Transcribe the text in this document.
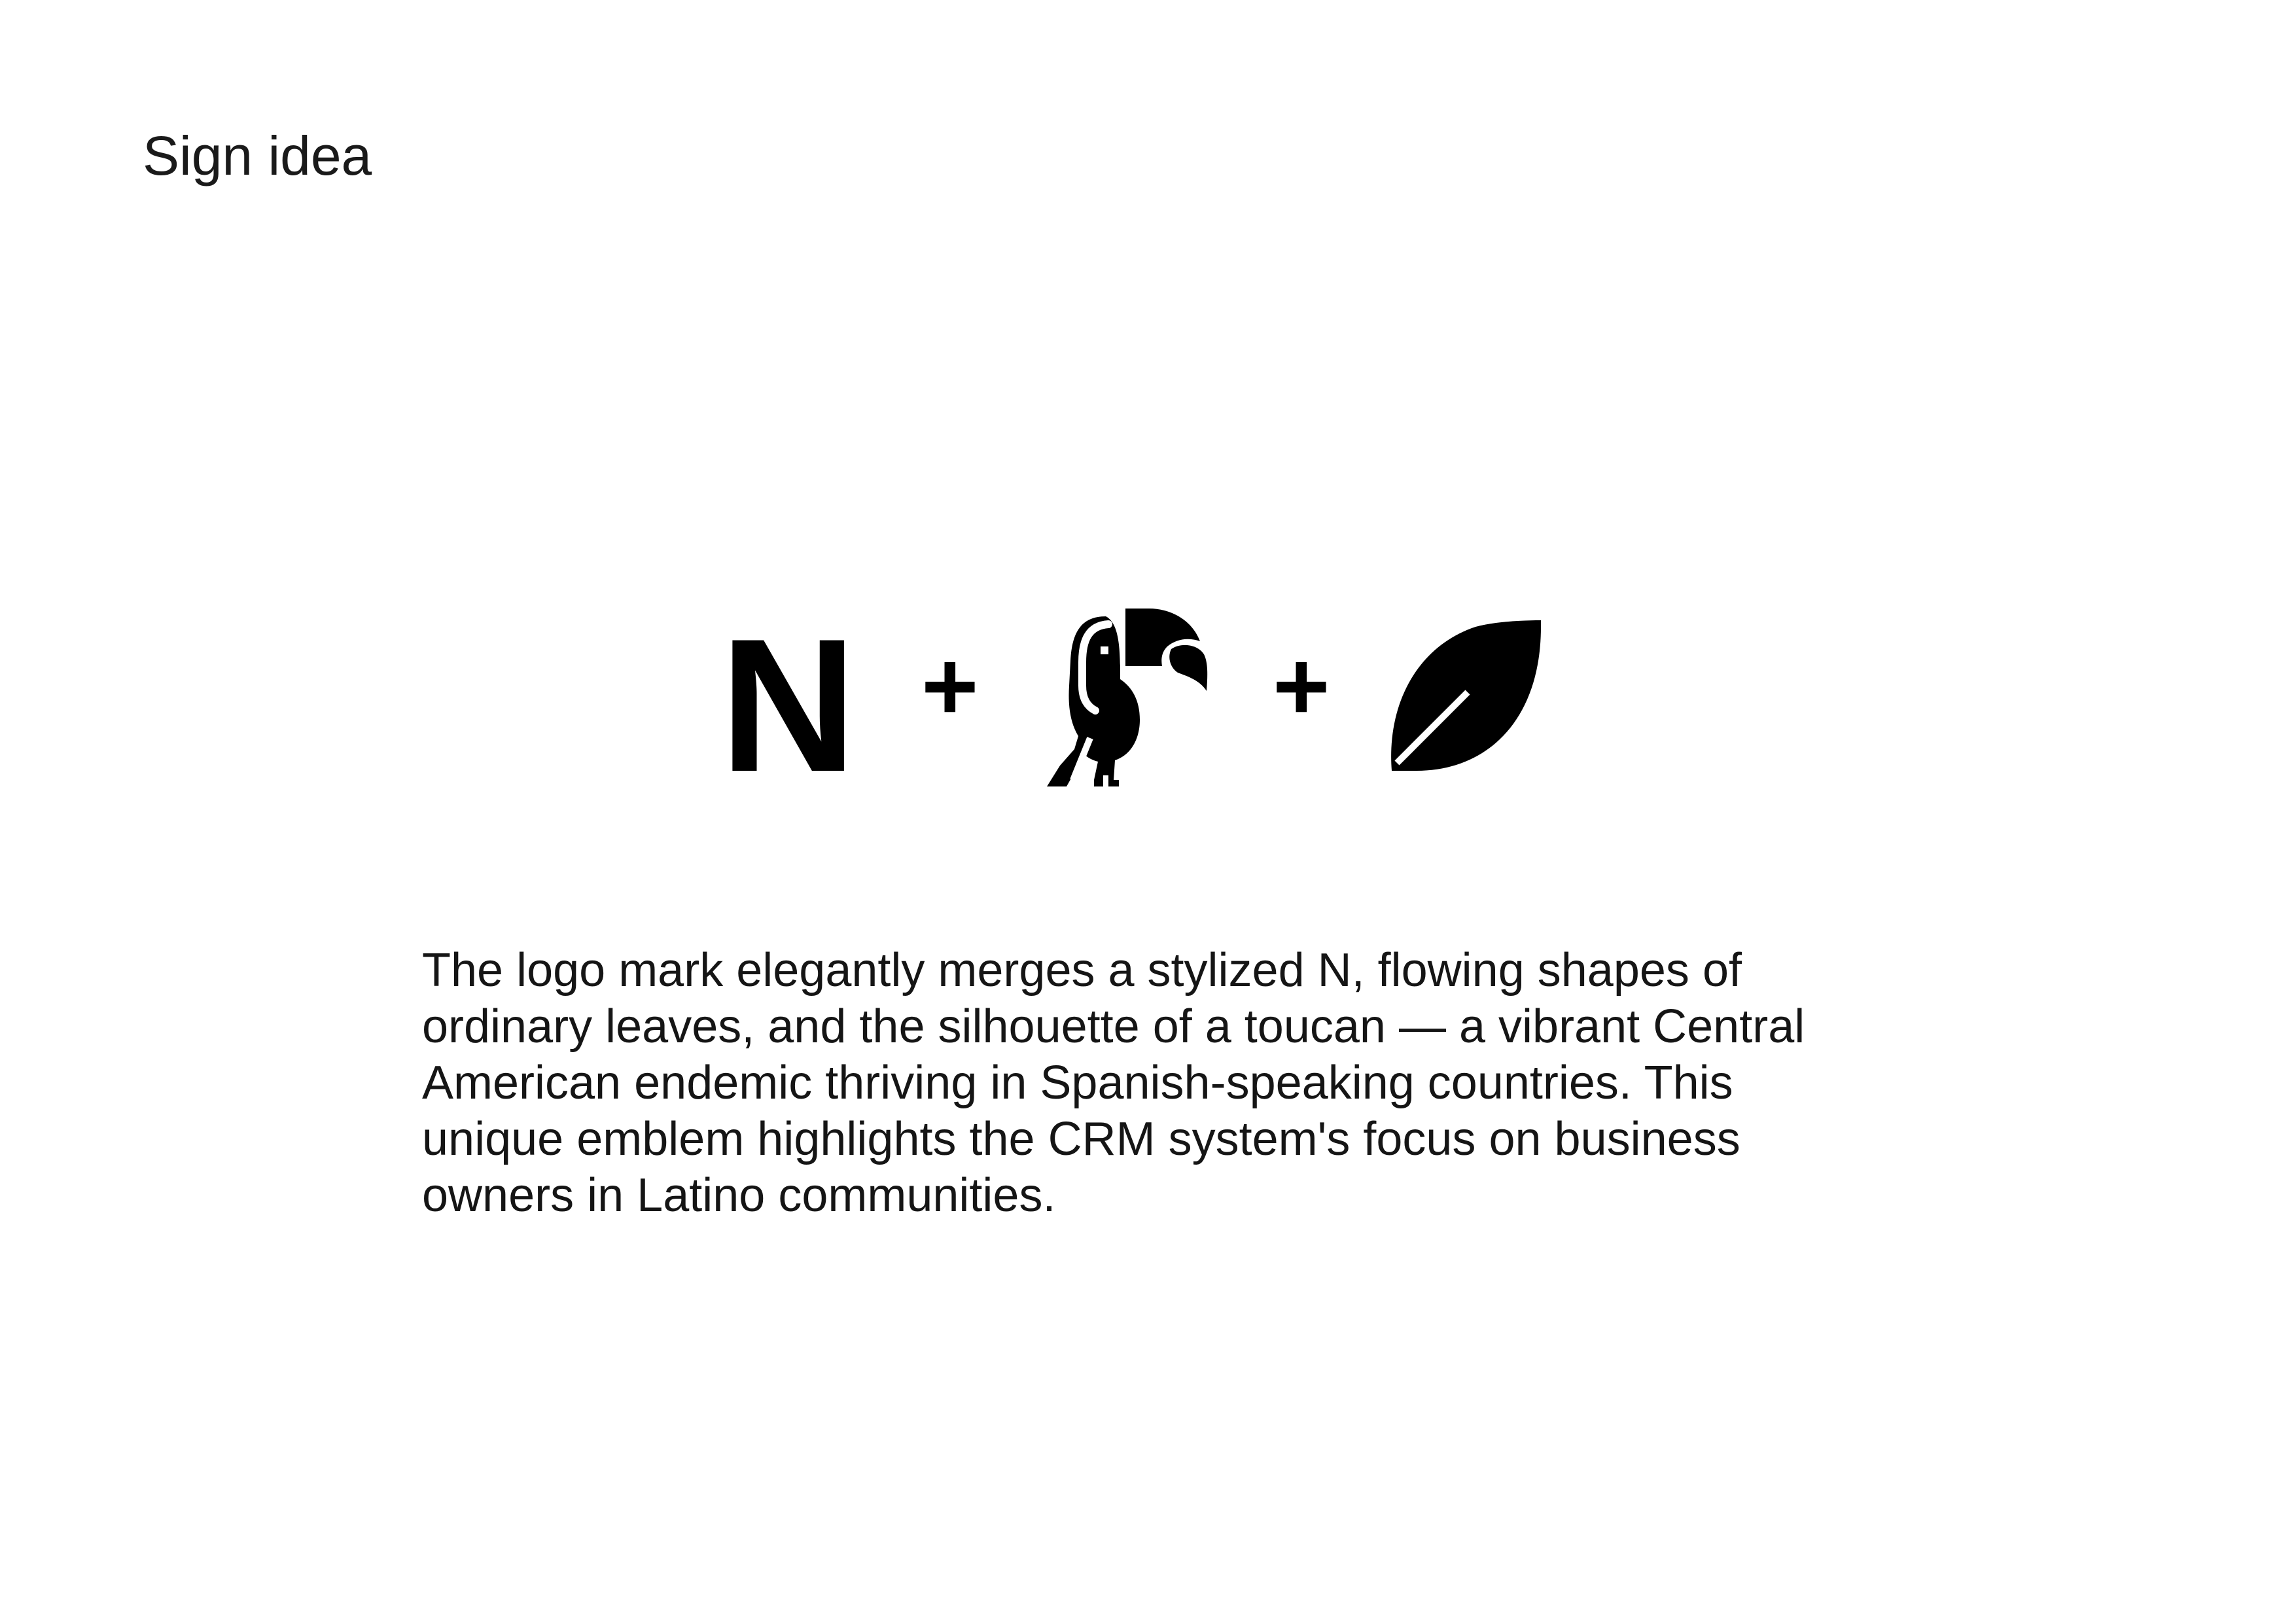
Sign idea
N +	+

The logo mark elegantly merges a stylized N, flowing shapes of
ordinary leaves, and the silhouette of a toucan — a vibrant Central
American endemic thriving in Spanish-speaking countries. This
unique emblem highlights the CRM system's focus on business
owners in Latino communities.
